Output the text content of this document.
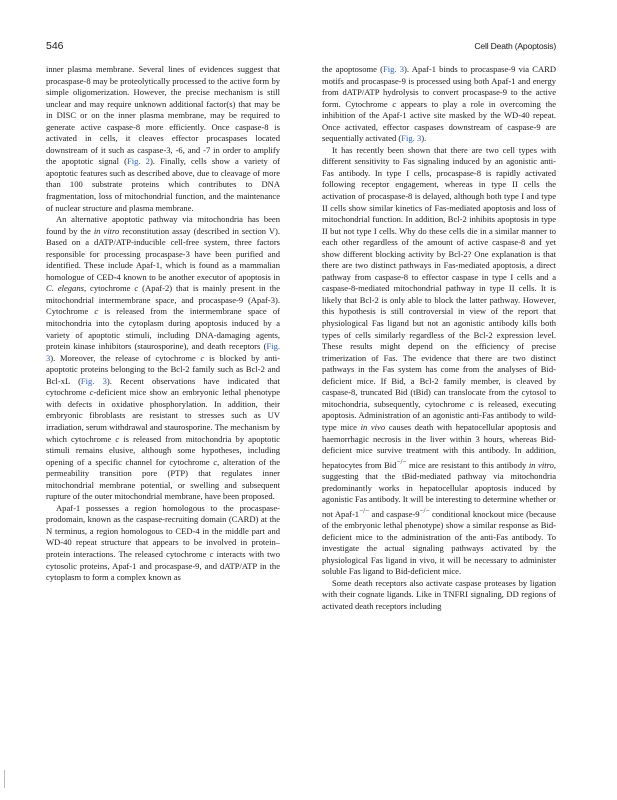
546	Cell Death (Apoptosis)

inner plasma membrane. Several lines of evidences suggest that procaspase-8 may be proteolytically processed to the active form by simple oligomerization. However, the precise mechanism is still unclear and may require unknown additional factor(s) that may be in DISC or on the inner plasma membrane, may be required to generate active caspase-8 more efficiently. Once caspase-8 is activated in cells, it cleaves effector procaspases located downstream of it such as caspase-3, -6, and -7 in order to amplify the apoptotic signal (Fig. 2). Finally, cells show a variety of apoptotic features such as described above, due to cleavage of more than 100 substrate proteins which contributes to DNA fragmentation, loss of mitochondrial function, and the maintenance of nuclear structure and plasma membrane.

An alternative apoptotic pathway via mitochondria has been found by the in vitro reconstitution assay (described in section V). Based on a dATP/ATP-inducible cell-free system, three factors responsible for processing procaspase-3 have been purified and identified. These include Apaf-1, which is found as a mammalian homologue of CED-4 known to be another executor of apoptosis in C. elegans, cytochrome c (Apaf-2) that is mainly present in the mitochondrial intermembrane space, and procaspase-9 (Apaf-3). Cytochrome c is released from the intermembrane space of mitochondria into the cytoplasm during apoptosis induced by a variety of apoptotic stimuli, including DNA-damaging agents, protein kinase inhibitors (staurosporine), and death receptors (Fig. 3). Moreover, the release of cytochrome c is blocked by anti-apoptotic proteins belonging to the Bcl-2 family such as Bcl-2 and Bcl-xL (Fig. 3). Recent observations have indicated that cytochrome c-deficient mice show an embryonic lethal phenotype with defects in oxidative phosphorylation. In addition, their embryonic fibroblasts are resistant to stresses such as UV irradiation, serum withdrawal and staurosporine. The mechanism by which cytochrome c is released from mitochondria by apoptotic stimuli remains elusive, although some hypotheses, including opening of a specific channel for cytochrome c, alteration of the permeability transition pore (PTP) that regulates inner mitochondrial membrane potential, or swelling and subsequent rupture of the outer mitochondrial membrane, have been proposed.

Apaf-1 possesses a region homologous to the procaspase-prodomain, known as the caspase-recruiting domain (CARD) at the N terminus, a region homologous to CED-4 in the middle part and WD-40 repeat structure that appears to be involved in protein–protein interactions. The released cytochrome c interacts with two cytosolic proteins, Apaf-1 and procaspase-9, and dATP/ATP in the cytoplasm to form a complex known as

the apoptosome (Fig. 3). Apaf-1 binds to procaspase-9 via CARD motifs and procaspase-9 is processed using both Apaf-1 and energy from dATP/ATP hydrolysis to convert procaspase-9 to the active form. Cytochrome c appears to play a role in overcoming the inhibition of the Apaf-1 active site masked by the WD-40 repeat. Once activated, effector caspases downstream of caspase-9 are sequentially activated (Fig. 3).

It has recently been shown that there are two cell types with different sensitivity to Fas signaling induced by an agonistic anti-Fas antibody. In type I cells, procaspase-8 is rapidly activated following receptor engagement, whereas in type II cells the activation of procaspase-8 is delayed, although both type I and type II cells show similar kinetics of Fas-mediated apoptosis and loss of mitochondrial function. In addition, Bcl-2 inhibits apoptosis in type II but not type I cells. Why do these cells die in a similar manner to each other regardless of the amount of active caspase-8 and yet show different blocking activity by Bcl-2? One explanation is that there are two distinct pathways in Fas-mediated apoptosis, a direct pathway from caspase-8 to effector caspase in type I cells and a caspase-8-mediated mitochondrial pathway in type II cells. It is likely that Bcl-2 is only able to block the latter pathway. However, this hypothesis is still controversial in view of the report that physiological Fas ligand but not an agonistic antibody kills both types of cells similarly regardless of the Bcl-2 expression level. These results might depend on the efficiency of precise trimerization of Fas. The evidence that there are two distinct pathways in the Fas system has come from the analyses of Bid-deficient mice. If Bid, a Bcl-2 family member, is cleaved by caspase-8, truncated Bid (tBid) can translocate from the cytosol to mitochondria, subsequently, cytochrome c is released, executing apoptosis. Administration of an agonistic anti-Fas antibody to wild-type mice in vivo causes death with hepatocellular apoptosis and haemorrhagic necrosis in the liver within 3 hours, whereas Bid-deficient mice survive treatment with this antibody. In addition, hepatocytes from Bid−/− mice are resistant to this antibody in vitro, suggesting that the tBid-mediated pathway via mitochondria predominantly works in hepatocellular apoptosis induced by agonistic Fas antibody. It will be interesting to determine whether or not Apaf-1−/− and caspase-9−/− conditional knockout mice (because of the embryonic lethal phenotype) show a similar response as Bid-deficient mice to the administration of the anti-Fas antibody. To investigate the actual signaling pathways activated by the physiological Fas ligand in vivo, it will be necessary to administer soluble Fas ligand to Bid-deficient mice.

Some death receptors also activate caspase proteases by ligation with their cognate ligands. Like in TNFRI signaling, DD regions of activated death receptors including
